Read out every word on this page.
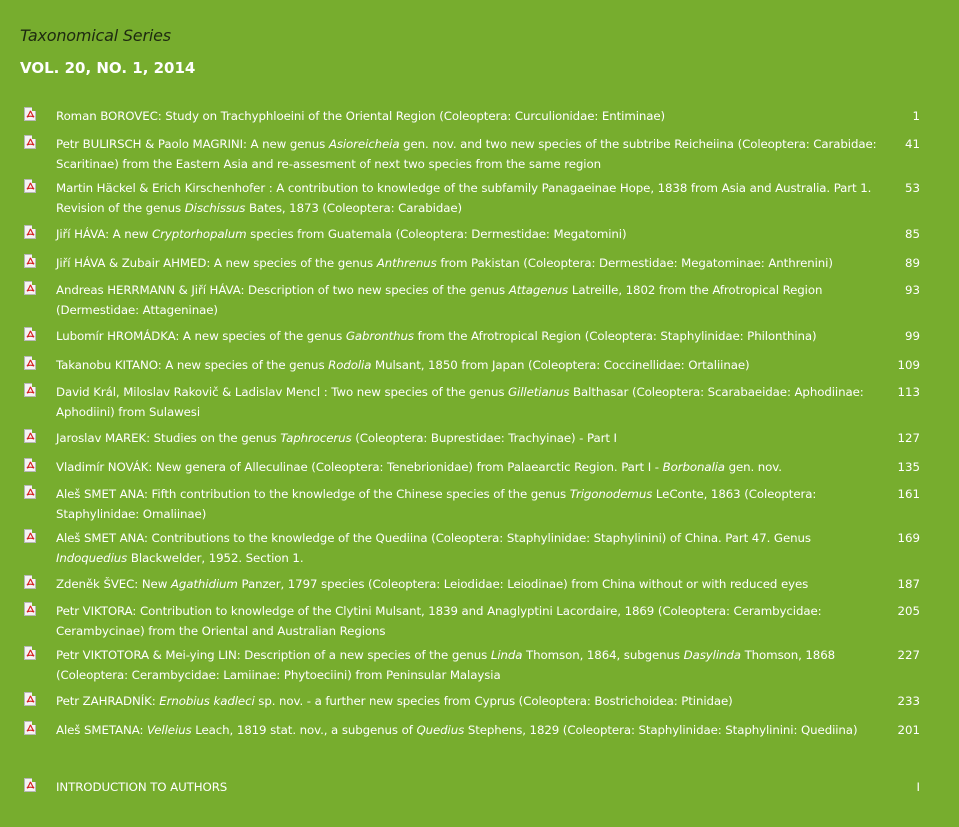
Taxonomical Series
VOL. 20, NO. 1, 2014
Roman BOROVEC: Study on Trachyphloeini of the Oriental Region (Coleoptera: Curculionidae: Entiminae)	1
Petr BULIRSCH & Paolo MAGRINI: A new genus Asioreicheia gen. nov. and two new species of the subtribe Reicheiina (Coleoptera: Carabidae: Scaritinae) from the Eastern Asia and re-assesment of next two species from the same region
41
Martin Häckel & Erich Kirschenhofer : A contribution to knowledge of the subfamily Panagaeinae Hope, 1838 from Asia and Australia. Part 1. Revision of the genus Dischissus Bates, 1873 (Coleoptera: Carabidae)
53
Jiří HÁVA: A new Cryptorhopalum species from Guatemala (Coleoptera: Dermestidae: Megatomini)	85
Jiří HÁVA & Zubair AHMED: A new species of the genus Anthrenus from Pakistan (Coleoptera: Dermestidae: Megatominae: Anthrenini)	89
Andreas HERRMANN & Jiří HÁVA: Description of two new species of the genus Attagenus Latreille, 1802 from the Afrotropical Region (Dermestidae: Attageninae)
93
Lubomír HROMÁDKA: A new species of the genus Gabronthus from the Afrotropical Region (Coleoptera: Staphylinidae: Philonthina)	99
Takanobu KITANO: A new species of the genus Rodolia Mulsant, 1850 from Japan (Coleoptera: Coccinellidae: Ortaliinae)	109
David Král, Miloslav Rakovič & Ladislav Mencl : Two new species of the genus Gilletianus Balthasar (Coleoptera: Scarabaeidae: Aphodiinae: Aphodiini) from Sulawesi
113
Jaroslav MAREK: Studies on the genus Taphrocerus (Coleoptera: Buprestidae: Trachyinae) - Part I	127
Vladimír NOVÁK: New genera of Alleculinae (Coleoptera: Tenebrionidae) from Palaearctic Region. Part I - Borbonalia gen. nov.	135
Aleš SMET ANA: Fifth contribution to the knowledge of the Chinese species of the genus Trigonodemus LeConte, 1863 (Coleoptera: Staphylinidae: Omaliinae)
161
Aleš SMET ANA: Contributions to the knowledge of the Quediina (Coleoptera: Staphylinidae: Staphylinini) of China. Part 47. Genus Indoquedius Blackwelder, 1952. Section 1.
169
Zdeněk ŠVEC: New Agathidium Panzer, 1797 species (Coleoptera: Leiodidae: Leiodinae) from China without or with reduced eyes	187
Petr VIKTORA: Contribution to knowledge of the Clytini Mulsant, 1839 and Anaglyptini Lacordaire, 1869 (Coleoptera: Cerambycidae: Cerambycinae) from the Oriental and Australian Regions
205
Petr VIKTOTORA & Mei-ying LIN: Description of a new species of the genus Linda Thomson, 1864, subgenus Dasylinda Thomson, 1868 (Coleoptera: Cerambycidae: Lamiinae: Phytoeciini) from Peninsular Malaysia
227
Petr ZAHRADNÍK: Ernobius kadleci sp. nov. - a further new species from Cyprus (Coleoptera: Bostrichoidea: Ptinidae)	233
Aleš SMETANA: Velleius Leach, 1819 stat. nov., a subgenus of Quedius Stephens, 1829 (Coleoptera: Staphylinidae: Staphylinini: Quediina)	201
INTRODUCTION TO AUTHORS	I
